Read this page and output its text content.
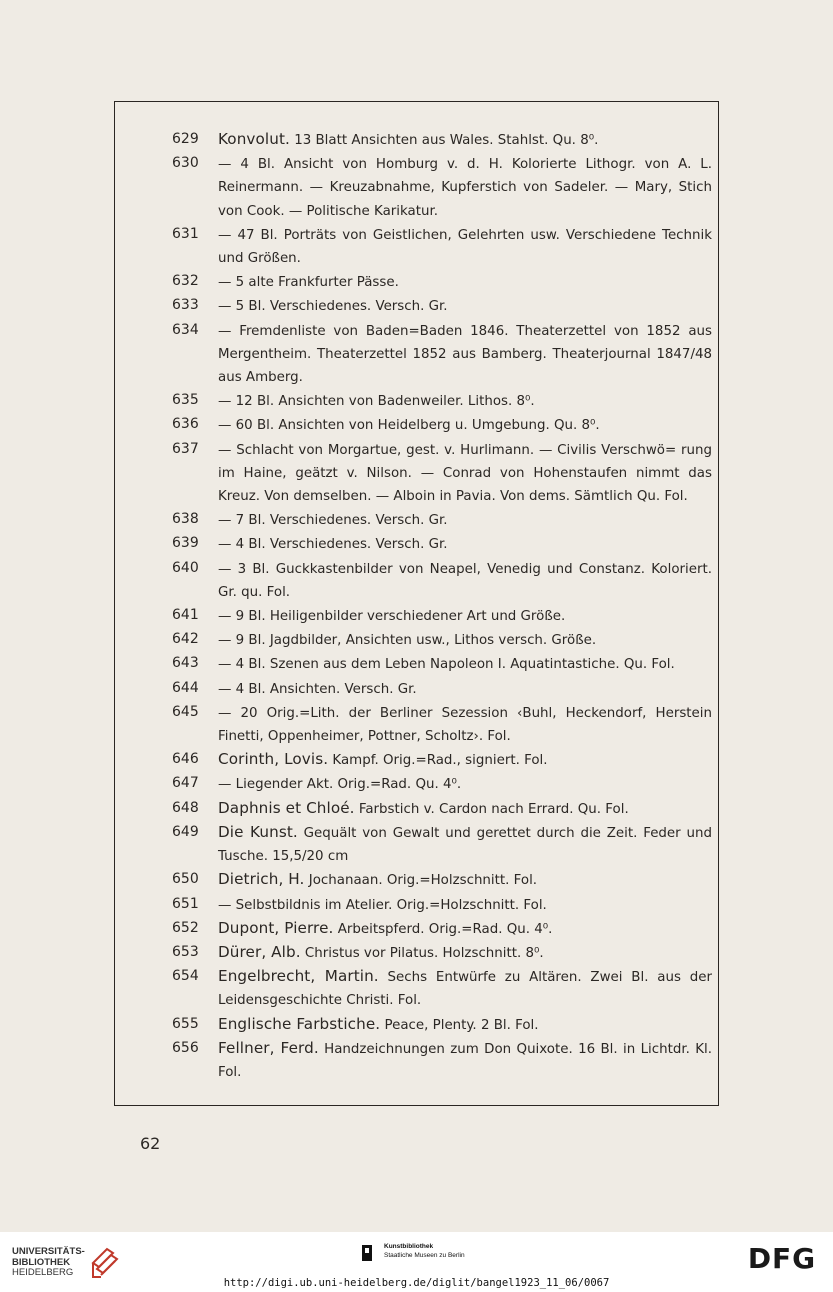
629	Konvolut. 13 Blatt Ansichten aus Wales. Stahlst. Qu. 8⁰.
630	— 4 Bl. Ansicht von Homburg v. d. H. Kolorierte Lithogr. von A. L. Reinermann. — Kreuzabnahme, Kupferstich von Sadeler. — Mary, Stich von Cook. — Politische Karikatur.
631	— 47 Bl. Porträts von Geistlichen, Gelehrten usw. Verschiedene Technik und Größen.
632	— 5 alte Frankfurter Pässe.
633	— 5 Bl. Verschiedenes. Versch. Gr.
634	— Fremdenliste von Baden=Baden 1846. Theaterzettel von 1852 aus Mergentheim. Theaterzettel 1852 aus Bamberg. Theaterjournal 1847/48 aus Amberg.
635	— 12 Bl. Ansichten von Badenweiler. Lithos. 8⁰.
636	— 60 Bl. Ansichten von Heidelberg u. Umgebung. Qu. 8⁰.
637	— Schlacht von Morgartue, gest. v. Hurlimann. — Civilis Verschwö= rung im Haine, geätzt v. Nilson. — Conrad von Hohenstaufen nimmt das Kreuz. Von demselben. — Alboin in Pavia. Von dems. Sämtlich Qu. Fol.
638	— 7 Bl. Verschiedenes. Versch. Gr.
639	— 4 Bl. Verschiedenes. Versch. Gr.
640	— 3 Bl. Guckkastenbilder von Neapel, Venedig und Constanz. Koloriert. Gr. qu. Fol.
641	— 9 Bl. Heiligenbilder verschiedener Art und Größe.
642	— 9 Bl. Jagdbilder, Ansichten usw., Lithos versch. Größe.
643	— 4 Bl. Szenen aus dem Leben Napoleon I. Aquatintastiche. Qu. Fol.
644	— 4 Bl. Ansichten. Versch. Gr.
645	— 20 Orig.=Lith. der Berliner Sezession ‹Buhl, Heckendorf, Herstein Finetti, Oppenheimer, Pottner, Scholtz›. Fol.
646	Corinth, Lovis. Kampf. Orig.=Rad., signiert. Fol.
647	— Liegender Akt. Orig.=Rad. Qu. 4⁰.
648	Daphnis et Chloé. Farbstich v. Cardon nach Errard. Qu. Fol.
649	Die Kunst. Gequält von Gewalt und gerettet durch die Zeit. Feder und Tusche. 15,5/20 cm
650	Dietrich, H. Jochanaan. Orig.=Holzschnitt. Fol.
651	— Selbstbildnis im Atelier. Orig.=Holzschnitt. Fol.
652	Dupont, Pierre. Arbeitspferd. Orig.=Rad. Qu. 4⁰.
653	Dürer, Alb. Christus vor Pilatus. Holzschnitt. 8⁰.
654	Engelbrecht, Martin. Sechs Entwürfe zu Altären. Zwei Bl. aus der Leidensgeschichte Christi. Fol.
655	Englische Farbstiche. Peace, Plenty. 2 Bl. Fol.
656	Fellner, Ferd. Handzeichnungen zum Don Quixote. 16 Bl. in Lichtdr. Kl. Fol.
62
UNIVERSITÄTS-
BIBLIOTHEK
HEIDELBERG
Kunstbibliothek
Staatliche Museen zu Berlin
http://digi.ub.uni-heidelberg.de/diglit/bangel1923_11_06/0067
DFG
